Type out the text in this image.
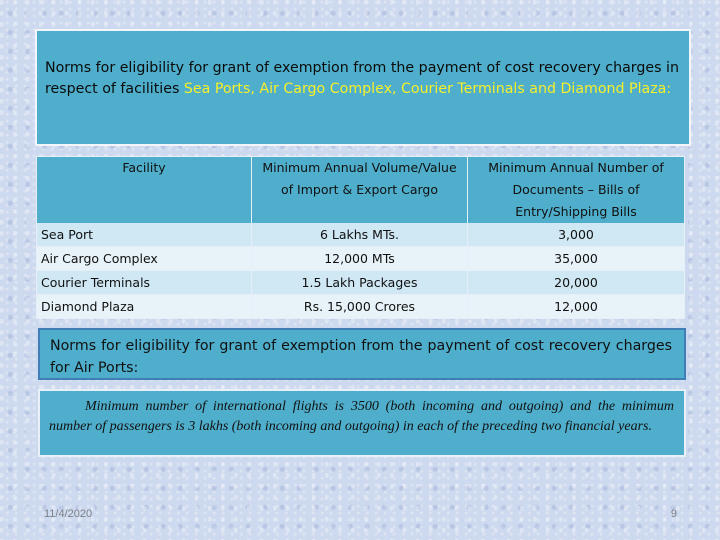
Norms for eligibility for grant of exemption from the payment of cost recovery charges in respect of facilities Sea Ports, Air Cargo Complex, Courier Terminals and Diamond Plaza:
Facility	Minimum Annual Volume/Value of Import & Export Cargo	Minimum Annual Number of Documents – Bills of Entry/Shipping Bills
Sea Port	6 Lakhs MTs.	3,000
Air Cargo Complex	12,000 MTs	35,000
Courier Terminals	1.5 Lakh Packages	20,000
Diamond Plaza	Rs. 15,000 Crores	12,000
Norms for eligibility for grant of exemption from the payment of cost recovery charges for Air Ports:
Minimum number of international flights is 3500 (both incoming and outgoing) and the minimum number of passengers is 3 lakhs (both incoming and outgoing) in each of the preceding two financial years.
11/4/2020	9
